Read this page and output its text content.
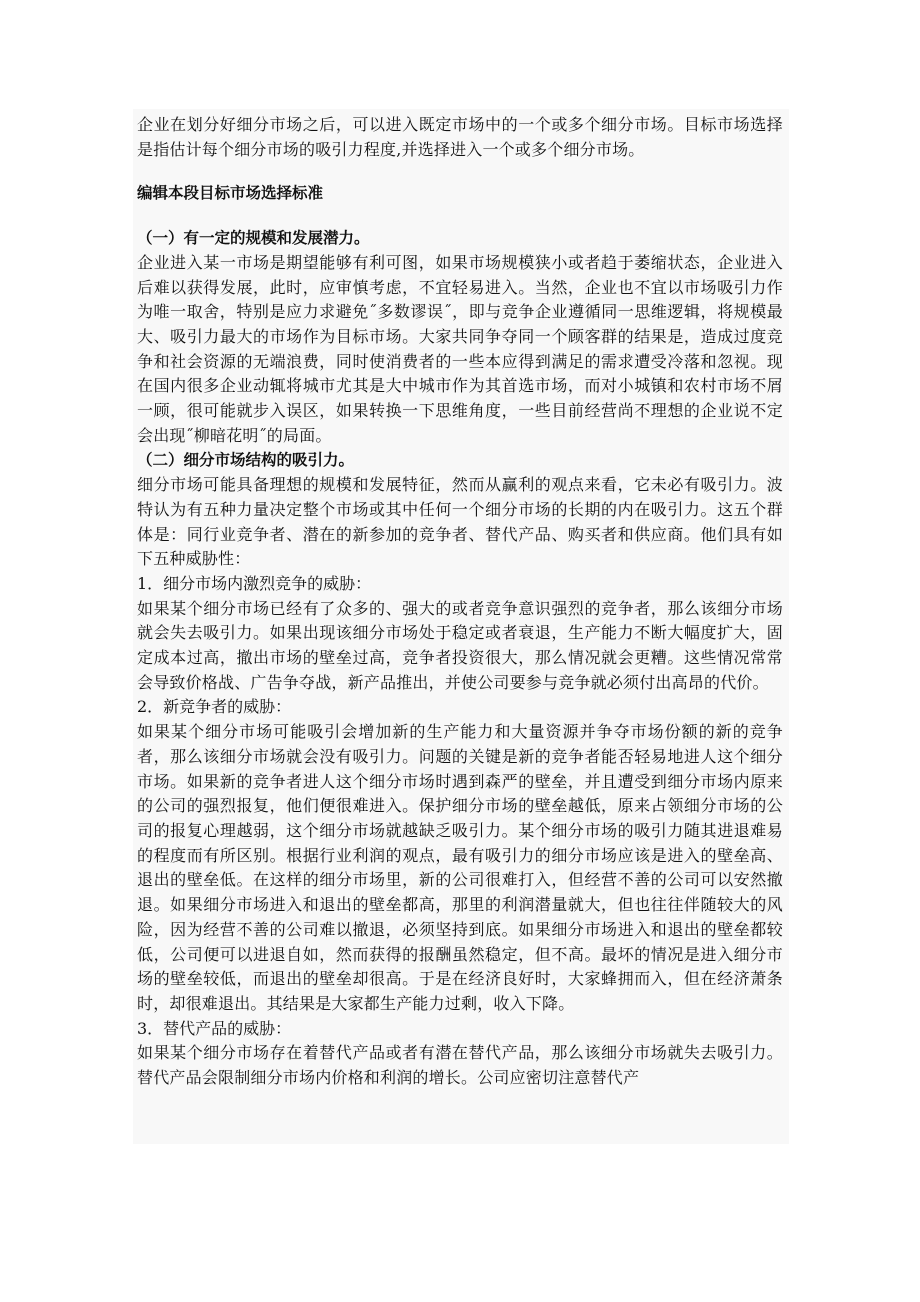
企业在划分好细分市场之后，可以进入既定市场中的一个或多个细分市场。目标市场选择是指估计每个细分市场的吸引力程度,并选择进入一个或多个细分市场。

编辑本段目标市场选择标准

（一）有一定的规模和发展潜力。

企业进入某一市场是期望能够有利可图，如果市场规模狭小或者趋于萎缩状态，企业进入后难以获得发展，此时，应审慎考虑，不宜轻易进入。当然，企业也不宜以市场吸引力作为唯一取舍，特别是应力求避免˝多数谬误˝，即与竞争企业遵循同一思维逻辑，将规模最大、吸引力最大的市场作为目标市场。大家共同争夺同一个顾客群的结果是，造成过度竞争和社会资源的无端浪费，同时使消费者的一些本应得到满足的需求遭受冷落和忽视。现在国内很多企业动辄将城市尤其是大中城市作为其首选市场，而对小城镇和农村市场不屑一顾，很可能就步入误区，如果转换一下思维角度，一些目前经营尚不理想的企业说不定会出现˝柳暗花明˝的局面。

（二）细分市场结构的吸引力。

细分市场可能具备理想的规模和发展特征，然而从赢利的观点来看，它未必有吸引力。波特认为有五种力量决定整个市场或其中任何一个细分市场的长期的内在吸引力。这五个群体是：同行业竞争者、潜在的新参加的竞争者、替代产品、购买者和供应商。他们具有如下五种威胁性：

1．细分市场内激烈竞争的威胁：

如果某个细分市场已经有了众多的、强大的或者竞争意识强烈的竞争者，那么该细分市场就会失去吸引力。如果出现该细分市场处于稳定或者衰退，生产能力不断大幅度扩大，固定成本过高，撤出市场的壁垒过高，竞争者投资很大，那么情况就会更糟。这些情况常常会导致价格战、广告争夺战，新产品推出，并使公司要参与竞争就必须付出高昂的代价。

2．新竞争者的威胁：

如果某个细分市场可能吸引会增加新的生产能力和大量资源并争夺市场份额的新的竞争者，那么该细分市场就会没有吸引力。问题的关键是新的竞争者能否轻易地进人这个细分市场。如果新的竞争者进人这个细分市场时遇到森严的壁垒，并且遭受到细分市场内原来的公司的强烈报复，他们便很难进入。保护细分市场的壁垒越低，原来占领细分市场的公司的报复心理越弱，这个细分市场就越缺乏吸引力。某个细分市场的吸引力随其进退难易的程度而有所区别。根据行业利润的观点，最有吸引力的细分市场应该是进入的壁垒高、退出的壁垒低。在这样的细分市场里，新的公司很难打入，但经营不善的公司可以安然撤退。如果细分市场进入和退出的壁垒都高，那里的利润潜量就大，但也往往伴随较大的风险，因为经营不善的公司难以撤退，必须坚持到底。如果细分市场进入和退出的壁垒都较低，公司便可以进退自如，然而获得的报酬虽然稳定，但不高。最坏的情况是进入细分市场的壁垒较低，而退出的壁垒却很高。于是在经济良好时，大家蜂拥而入，但在经济萧条时，却很难退出。其结果是大家都生产能力过剩，收入下降。

3．替代产品的威胁：

如果某个细分市场存在着替代产品或者有潜在替代产品，那么该细分市场就失去吸引力。替代产品会限制细分市场内价格和利润的增长。公司应密切注意替代产
